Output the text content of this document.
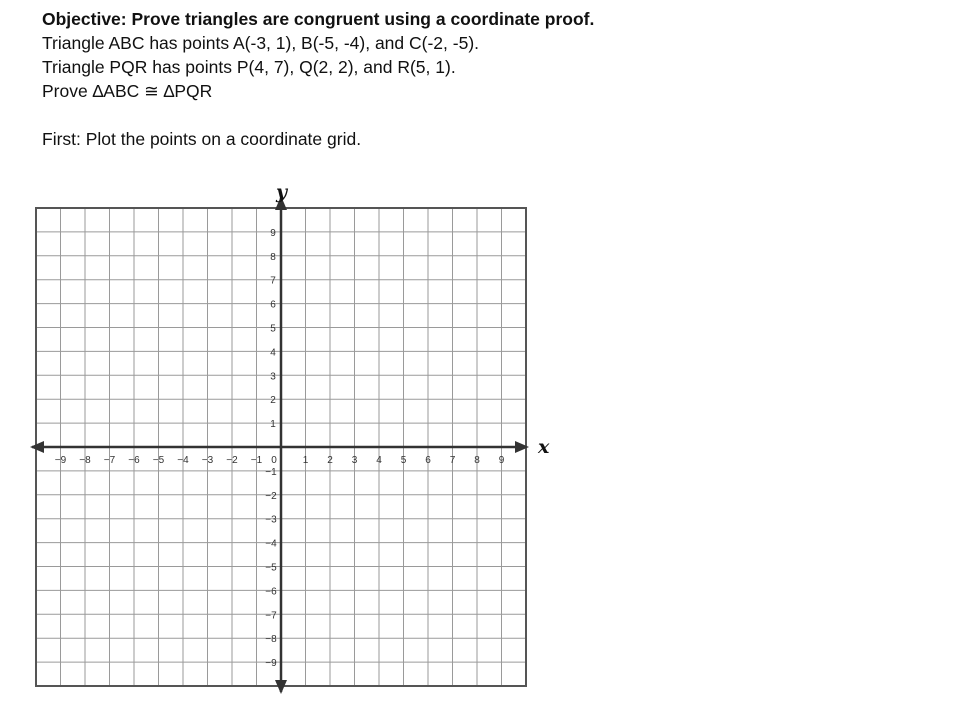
Objective: Prove triangles are congruent using a coordinate proof.
Triangle ABC has points A(-3, 1), B(-5, -4), and C(-2, -5).
Triangle PQR has points P(4, 7), Q(2, 2), and R(5, 1).
Prove ∆ABC ≅ ∆PQR
First: Plot the points on a coordinate grid.
x
y
−9 −8 −7 −6 −5 −4 −3 −2 −1 0	1 2 3 4 5 6 7 8 9
9
8
7
6
5
4
3
2
1
−1
−2
−3
−4
−5
−6
−7
−8
−9
